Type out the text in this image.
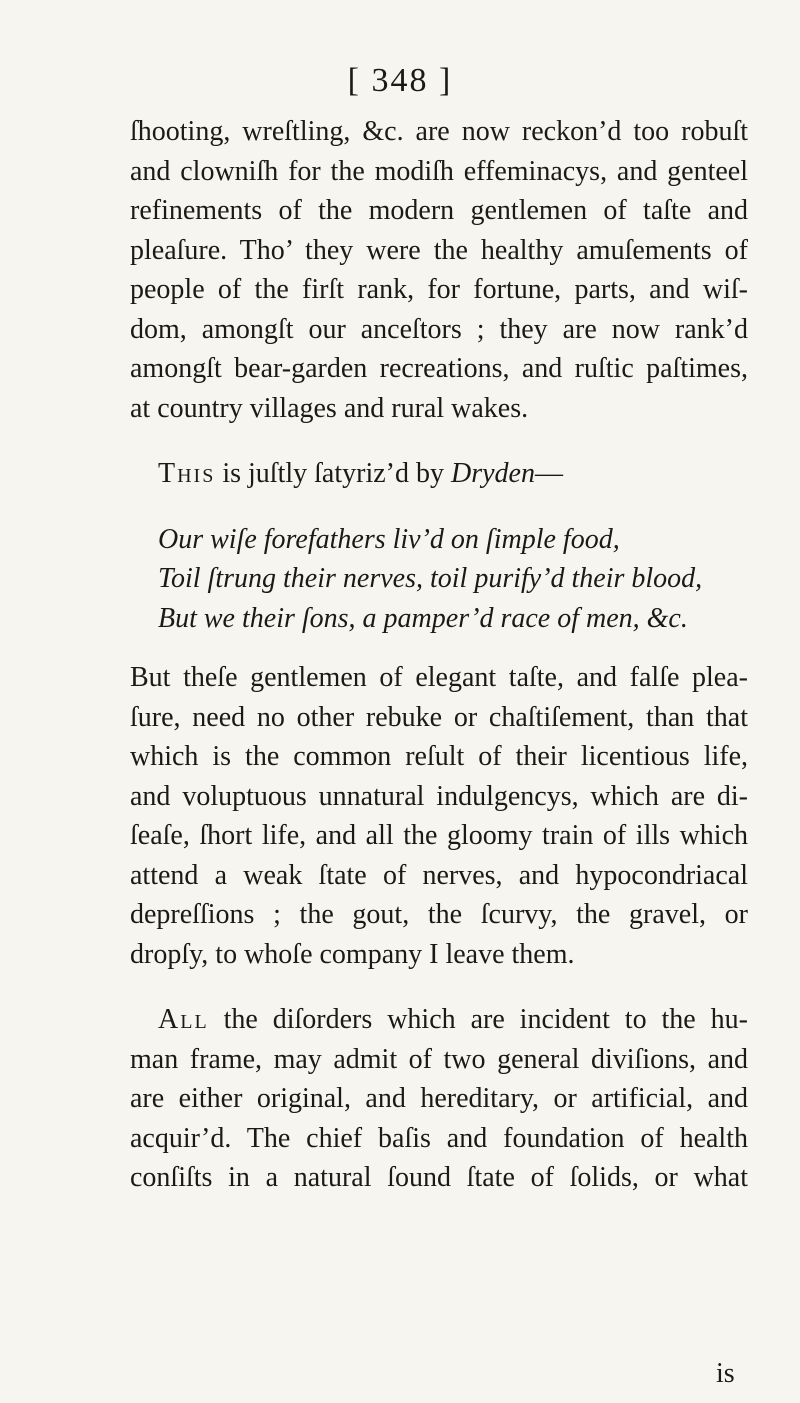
[ 348 ]
ſhooting, wreſtling, &c. are now reckon’d too robuſt
and clowniſh for the modiſh effeminacys, and genteel
refinements of the modern gentlemen of taſte and
pleaſure. Tho’ they were the healthy amuſements of
people of the firſt rank, for fortune, parts, and wiſ-
dom, amongſt our anceſtors ; they are now rank’d
amongſt bear-garden recreations, and ruſtic paſtimes,
at country villages and rural wakes.
This is juſtly ſatyriz’d by Dryden—
Our wiſe forefathers liv’d on ſimple food,
Toil ſtrung their nerves, toil purify’d their blood,
But we their ſons, a pamper’d race of men, &c.
But theſe gentlemen of elegant taſte, and falſe plea-
ſure, need no other rebuke or chaſtiſement, than that
which is the common reſult of their licentious life,
and voluptuous unnatural indulgencys, which are di-
ſeaſe, ſhort life, and all the gloomy train of ills which
attend a weak ſtate of nerves, and hypocondriacal
depreſſions ; the gout, the ſcurvy, the gravel, or
dropſy, to whoſe company I leave them.
All the diſorders which are incident to the hu-
man frame, may admit of two general diviſions, and
are either original, and hereditary, or artificial, and
acquir’d. The chief baſis and foundation of health
conſiſts in a natural ſound ſtate of ſolids, or what
is
